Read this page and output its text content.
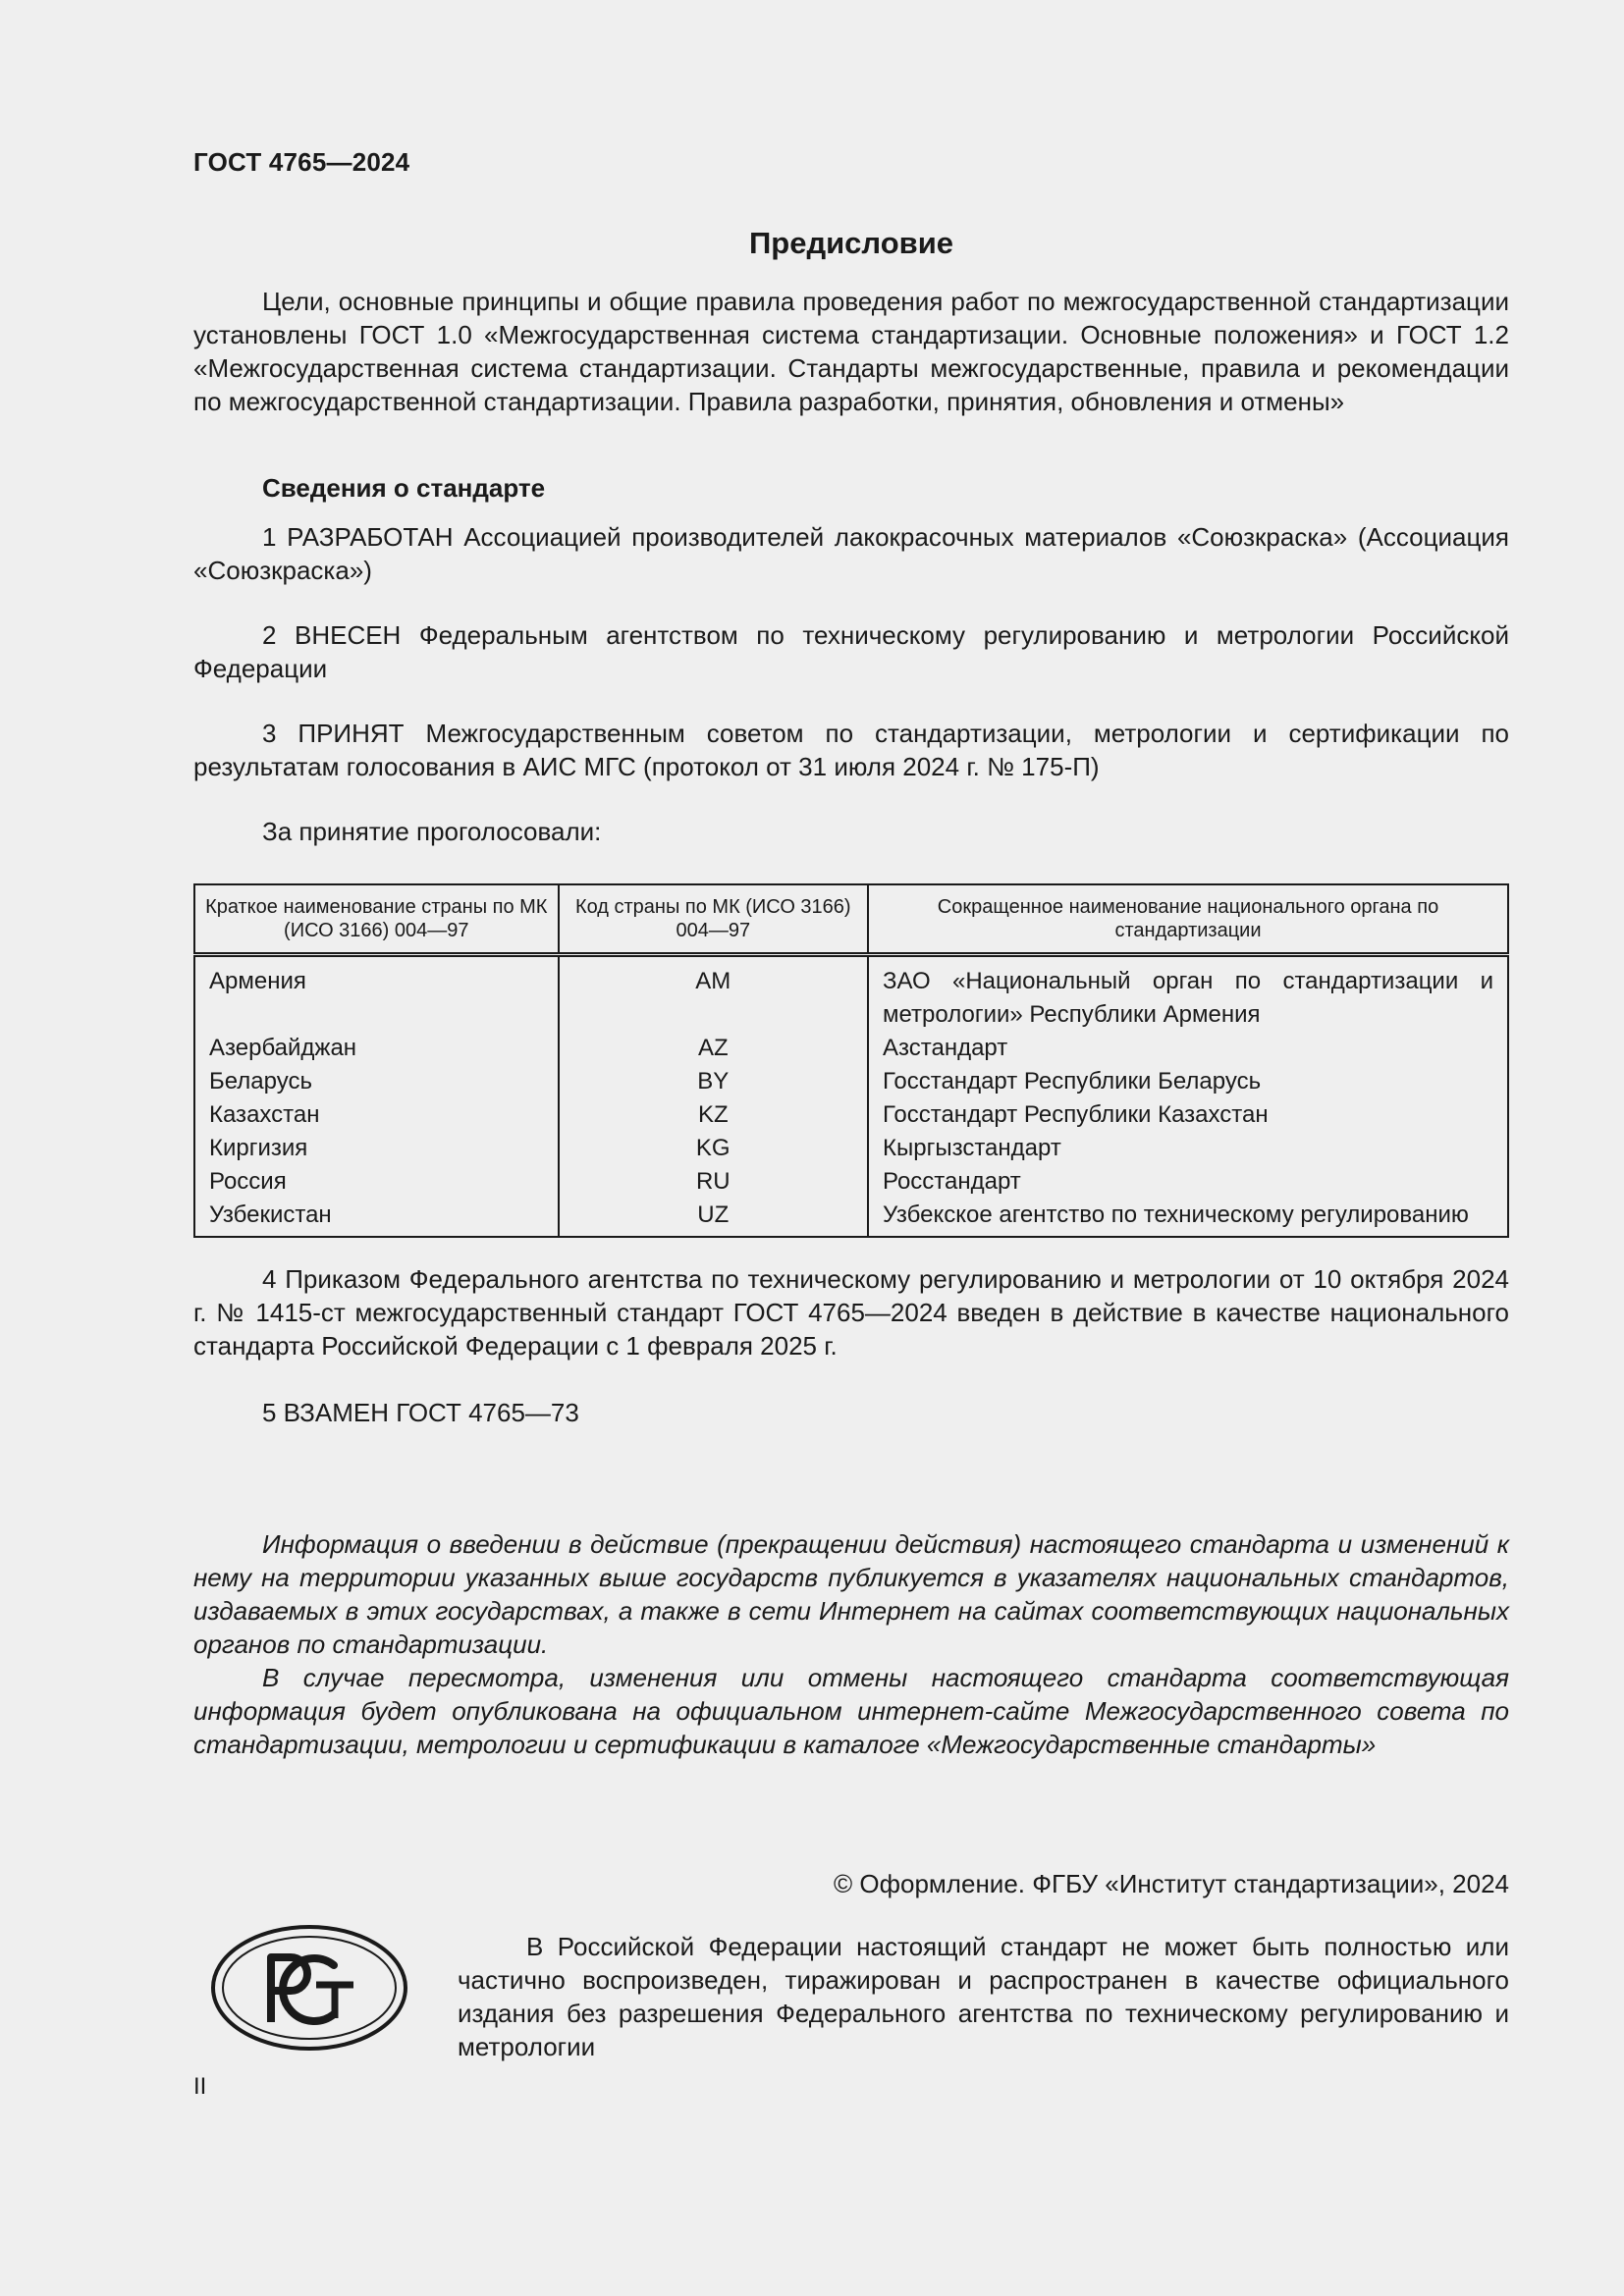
ГОСТ 4765—2024
Предисловие
Цели, основные принципы и общие правила проведения работ по межгосударственной стандартизации установлены ГОСТ 1.0 «Межгосударственная система стандартизации. Основные положения» и ГОСТ 1.2 «Межгосударственная система стандартизации. Стандарты межгосударственные, правила и рекомендации по межгосударственной стандартизации. Правила разработки, принятия, обновления и отмены»
Сведения о стандарте
1 РАЗРАБОТАН Ассоциацией производителей лакокрасочных материалов «Союзкраска» (Ассоциация «Союзкраска»)
2 ВНЕСЕН Федеральным агентством по техническому регулированию и метрологии Российской Федерации
3 ПРИНЯТ Межгосударственным советом по стандартизации, метрологии и сертификации по результатам голосования в АИС МГС (протокол от 31 июля 2024 г. № 175-П)
За принятие проголосовали:
Краткое наименование страны по МК (ИСО 3166) 004—97	Код страны по МК (ИСО 3166) 004—97	Сокращенное наименование национального органа по стандартизации
Армения	AM	ЗАО «Национальный орган по стандартизации и метрологии» Республики Армения
Азербайджан	AZ	Азстандарт
Беларусь	BY	Госстандарт Республики Беларусь
Казахстан	KZ	Госстандарт Республики Казахстан
Киргизия	KG	Кыргызстандарт
Россия	RU	Росстандарт
Узбекистан	UZ	Узбекское агентство по техническому регулированию
4 Приказом Федерального агентства по техническому регулированию и метрологии от 10 октября 2024 г. № 1415-ст межгосударственный стандарт ГОСТ 4765—2024 введен в действие в качестве национального стандарта Российской Федерации с 1 февраля 2025 г.
5 ВЗАМЕН ГОСТ 4765—73

Информация о введении в действие (прекращении действия) настоящего стандарта и изменений к нему на территории указанных выше государств публикуется в указателях национальных стандартов, издаваемых в этих государствах, а также в сети Интернет на сайтах соответствующих национальных органов по стандартизации.

В случае пересмотра, изменения или отмены настоящего стандарта соответствующая информация будет опубликована на официальном интернет-сайте Межгосударственного совета по стандартизации, метрологии и сертификации в каталоге «Межгосударственные стандарты»

© Оформление. ФГБУ «Институт стандартизации», 2024

В Российской Федерации настоящий стандарт не может быть полностью или частично воспроизведен, тиражирован и распространен в качестве официального издания без разрешения Федерального агентства по техническому регулированию и метрологии

II
